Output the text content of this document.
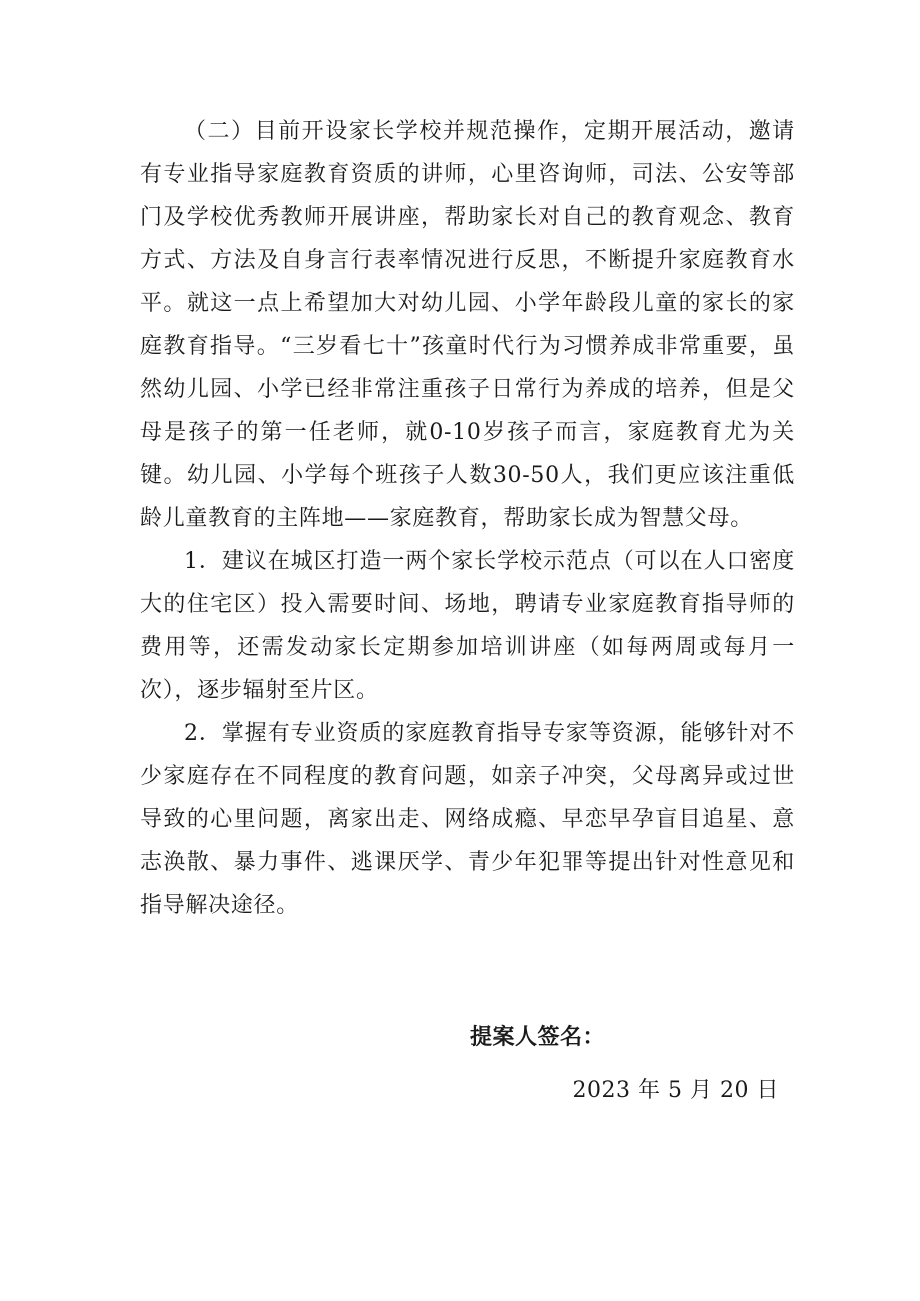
（二）目前开设家长学校并规范操作，定期开展活动，邀请有专业指导家庭教育资质的讲师，心里咨询师，司法、公安等部门及学校优秀教师开展讲座，帮助家长对自己的教育观念、教育方式、方法及自身言行表率情况进行反思，不断提升家庭教育水平。就这一点上希望加大对幼儿园、小学年龄段儿童的家长的家庭教育指导。“三岁看七十”孩童时代行为习惯养成非常重要，虽然幼儿园、小学已经非常注重孩子日常行为养成的培养，但是父母是孩子的第一任老师，就0-10岁孩子而言，家庭教育尤为关键。幼儿园、小学每个班孩子人数30-50人，我们更应该注重低龄儿童教育的主阵地——家庭教育，帮助家长成为智慧父母。

1．建议在城区打造一两个家长学校示范点（可以在人口密度大的住宅区）投入需要时间、场地，聘请专业家庭教育指导师的费用等，还需发动家长定期参加培训讲座（如每两周或每月一次），逐步辐射至片区。

2．掌握有专业资质的家庭教育指导专家等资源，能够针对不少家庭存在不同程度的教育问题，如亲子冲突，父母离异或过世导致的心里问题，离家出走、网络成瘾、早恋早孕盲目追星、意志涣散、暴力事件、逃课厌学、青少年犯罪等提出针对性意见和指导解决途径。

提案人签名：
2023 年 5 月 20 日
